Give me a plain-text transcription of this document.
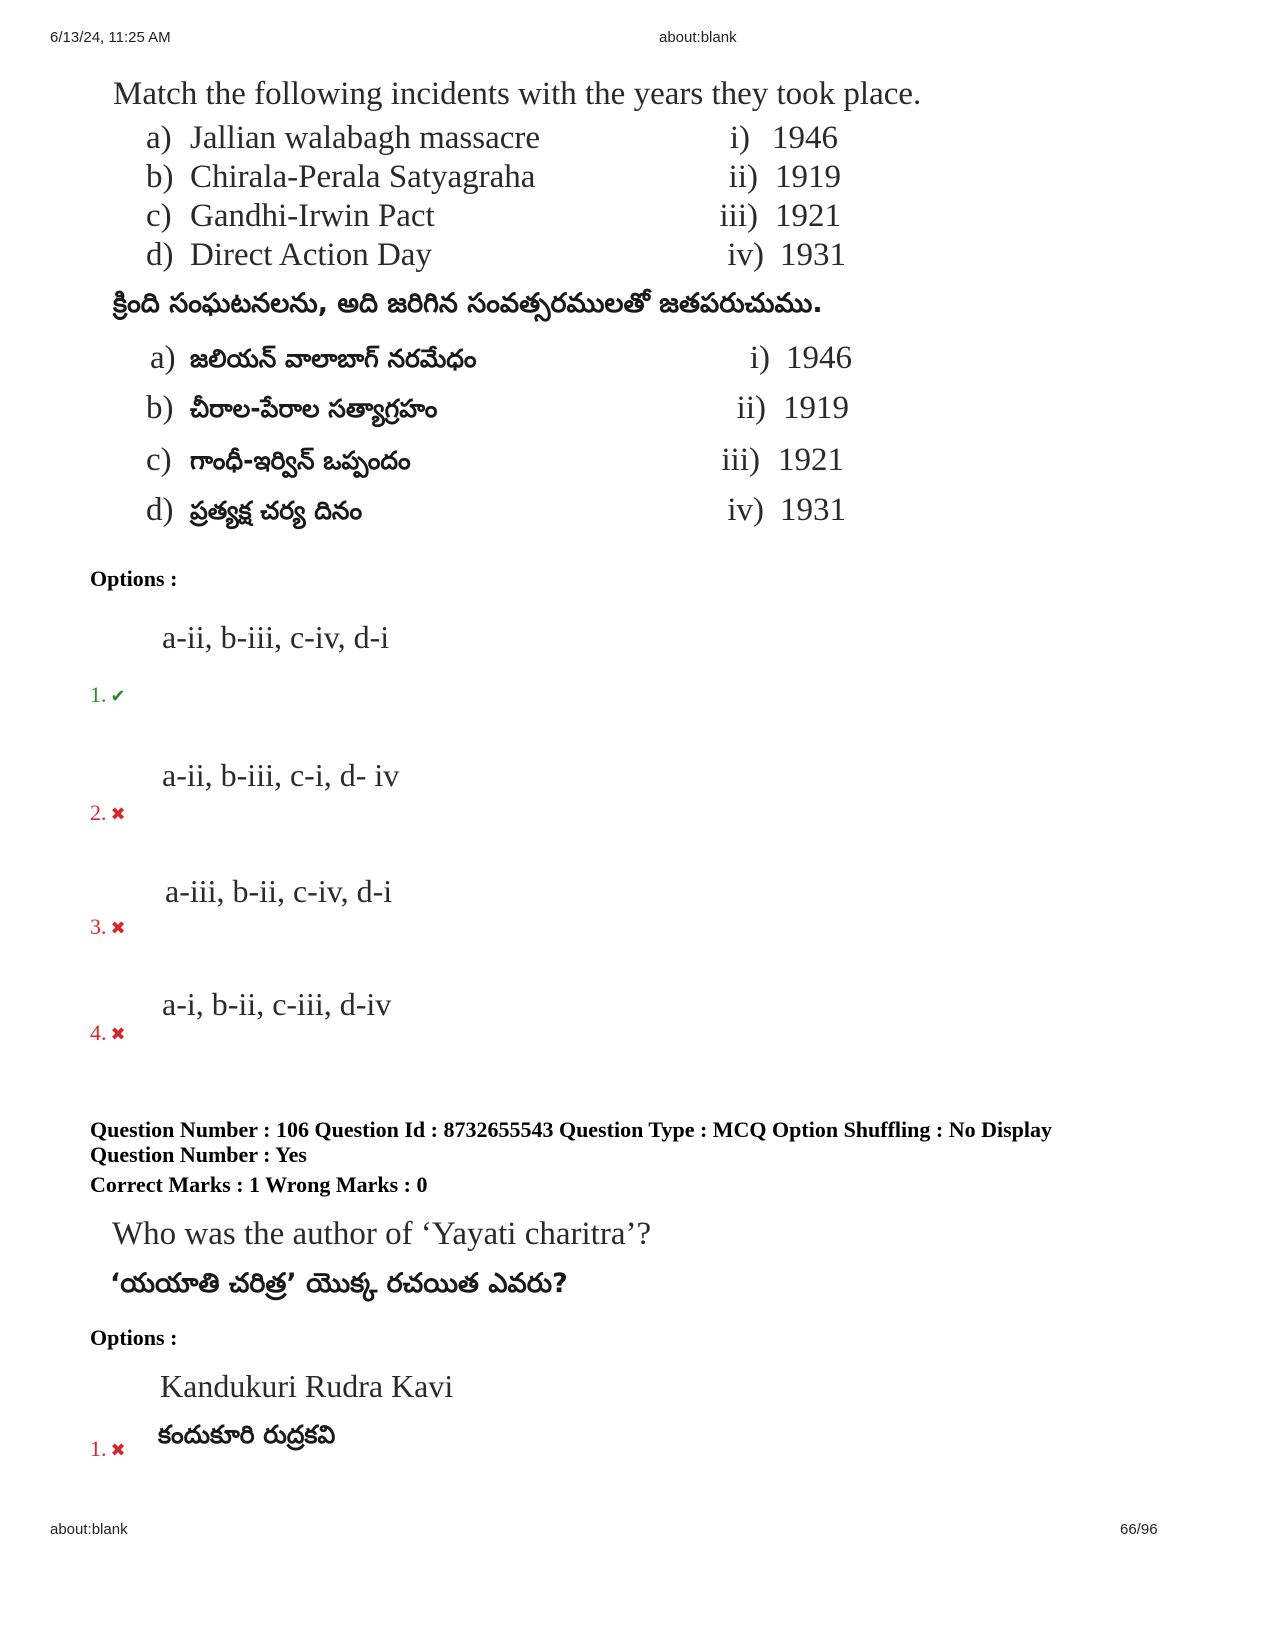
6/13/24, 11:25 AM	about:blank
Match the following incidents with the years they took place.
a) Jallian walabagh massacre	i) 1946
b) Chirala-Perala Satyagraha	ii) 1919
c) Gandhi-Irwin Pact	iii) 1921
d) Direct Action Day	iv) 1931
క్రింది సంఘటనలను, అది జరిగిన సంవత్సరములతో జతపరుచుము.
a) జలియన్ వాలాబాగ్ నరమేధం	i) 1946
b) చీరాల-పేరాల సత్యాగ్రహం	ii) 1919
c) గాంధీ-ఇర్విన్ ఒప్పందం	iii) 1921
d) ప్రత్యక్ష చర్య దినం	iv) 1931
Options :
a-ii, b-iii, c-iv, d-i
1. ✔
a-ii, b-iii, c-i, d- iv
2. ✖
a-iii, b-ii, c-iv, d-i
3. ✖
a-i, b-ii, c-iii, d-iv
4. ✖
Question Number : 106 Question Id : 8732655543 Question Type : MCQ Option Shuffling : No Display
Question Number : Yes
Correct Marks : 1 Wrong Marks : 0
Who was the author of ‘Yayati charitra’?
‘యయాతి చరిత్ర’ యొక్క రచయిత ఎవరు?
Options :
Kandukuri Rudra Kavi
కందుకూరి రుద్రకవి
1. ✖
about:blank	66/96
